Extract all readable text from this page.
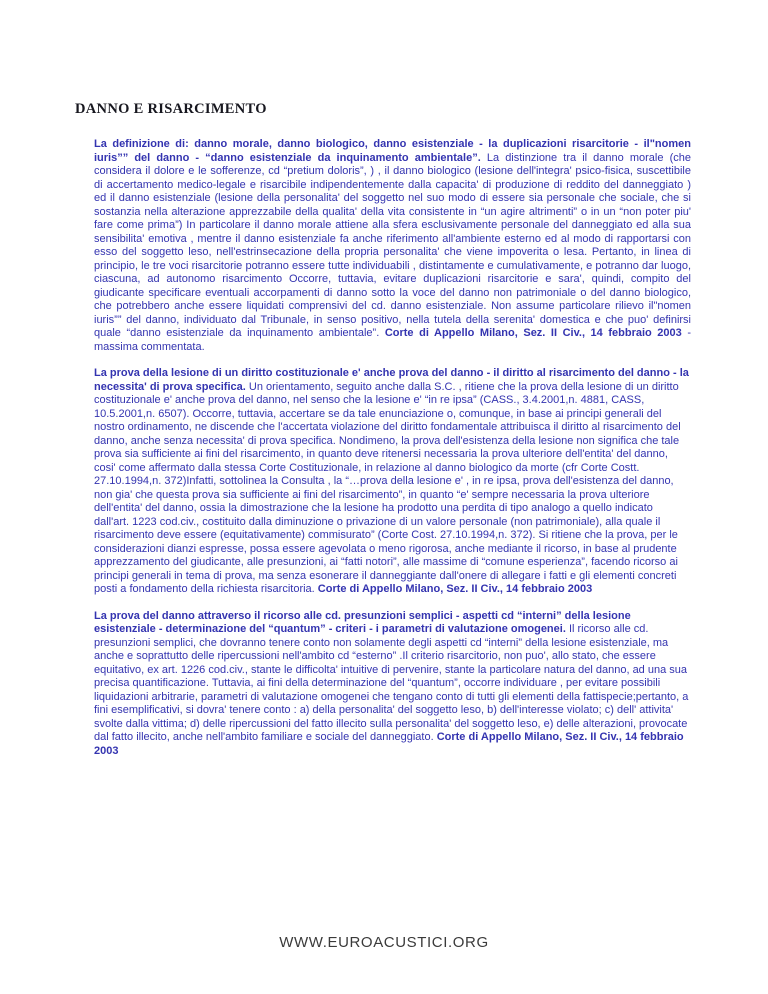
DANNO E RISARCIMENTO

La definizione di: danno morale, danno biologico, danno esistenziale - la duplicazioni risarcitorie - il"nomen iuris”” del danno - “danno esistenziale da inquinamento ambientale”. La distinzione tra il danno morale (che considera il dolore e le sofferenze, cd “pretium doloris”, ) , il danno biologico (lesione dell'integra' psico-fisica, suscettibile di accertamento medico-legale e risarcibile indipendentemente dalla capacita' di produzione di reddito del danneggiato ) ed il danno esistenziale (lesione della personalita' del soggetto nel suo modo di essere sia personale che sociale, che si sostanzia nella alterazione apprezzabile della qualita' della vita consistente in “un agire altrimenti” o in un “non poter piu' fare come prima”) In particolare il danno morale attiene alla sfera esclusivamente personale del danneggiato ed alla sua sensibilita' emotiva , mentre il danno esistenziale fa anche riferimento all'ambiente esterno ed al modo di rapportarsi con esso del soggetto leso, nell'estrinsecazione della propria personalita' che viene impoverita o lesa. Pertanto, in linea di principio, le tre voci risarcitorie potranno essere tutte individuabili , distintamente e cumulativamente, e potranno dar luogo, ciascuna, ad autonomo risarcimento Occorre, tuttavia, evitare duplicazioni risarcitorie e sara', quindi, compito del giudicante specificare eventuali accorpamenti di danno sotto la voce del danno non patrimoniale o del danno biologico, che potrebbero anche essere liquidati comprensivi del cd. danno esistenziale. Non assume particolare rilievo il"nomen iuris”” del danno, individuato dal Tribunale, in senso positivo, nella tutela della serenita' domestica e che puo' definirsi quale “danno esistenziale da inquinamento ambientale”. Corte di Appello Milano, Sez. II Civ., 14 febbraio 2003 - massima commentata.

La prova della lesione di un diritto costituzionale e' anche prova del danno - il diritto al risarcimento del danno - la necessita' di prova specifica. Un orientamento, seguito anche dalla S.C. , ritiene che la prova della lesione di un diritto costituzionale e' anche prova del danno, nel senso che la lesione e' “in re ipsa” (CASS., 3.4.2001,n. 4881, CASS, 10.5.2001,n. 6507). Occorre, tuttavia, accertare se da tale enunciazione o, comunque, in base ai principi generali del nostro ordinamento, ne discende che l'accertata violazione del diritto fondamentale attribuisca il diritto al risarcimento del danno, anche senza necessita' di prova specifica. Nondimeno, la prova dell'esistenza della lesione non significa che tale prova sia sufficiente ai fini del risarcimento, in quanto deve ritenersi necessaria la prova ulteriore dell'entita' del danno, cosi' come affermato dalla stessa Corte Costituzionale, in relazione al danno biologico da morte (cfr Corte Costt. 27.10.1994,n. 372)Infatti, sottolinea la Consulta , la “…prova della lesione e' , in re ipsa, prova dell'esistenza del danno, non gia' che questa prova sia sufficiente ai fini del risarcimento”, in quanto “e' sempre necessaria la prova ulteriore dell'entita' del danno, ossia la dimostrazione che la lesione ha prodotto una perdita di tipo analogo a quello indicato dall'art. 1223 cod.civ., costituito dalla diminuzione o privazione di un valore personale (non patrimoniale), alla quale il risarcimento deve essere (equitativamente) commisurato” (Corte Cost. 27.10.1994,n. 372). Si ritiene che la prova, per le considerazioni dianzi espresse, possa essere agevolata o meno rigorosa, anche mediante il ricorso, in base al prudente apprezzamento del giudicante, alle presunzioni, ai “fatti notori”, alle massime di “comune esperienza”, facendo ricorso ai principi generali in tema di prova, ma senza esonerare il danneggiante dall'onere di allegare i fatti e gli elementi concreti posti a fondamento della richiesta risarcitoria. Corte di Appello Milano, Sez. II Civ., 14 febbraio 2003

La prova del danno attraverso il ricorso alle cd. presunzioni semplici - aspetti cd “interni” della lesione esistenziale - determinazione del “quantum” - criteri - i parametri di valutazione omogenei. Il ricorso alle cd. presunzioni semplici, che dovranno tenere conto non solamente degli aspetti cd “interni” della lesione esistenziale, ma anche e soprattutto delle ripercussioni nell'ambito cd “esterno” .Il criterio risarcitorio, non puo', allo stato, che essere equitativo, ex art. 1226 cod.civ., stante le difficolta' intuitive di pervenire, stante la particolare natura del danno, ad una sua precisa quantificazione. Tuttavia, ai fini della determinazione del “quantum”, occorre individuare , per evitare possibili liquidazioni arbitrarie, parametri di valutazione omogenei che tengano conto di tutti gli elementi della fattispecie;pertanto, a fini esemplificativi, si dovra' tenere conto : a) della personalita' del soggetto leso, b) dell'interesse violato; c) dell' attivita' svolte dalla vittima; d) delle ripercussioni del fatto illecito sulla personalita' del soggetto leso, e) delle alterazioni, provocate dal fatto illecito, anche nell'ambito familiare e sociale del danneggiato. Corte di Appello Milano, Sez. II Civ., 14 febbraio 2003

WWW.EUROACUSTICI.ORG
